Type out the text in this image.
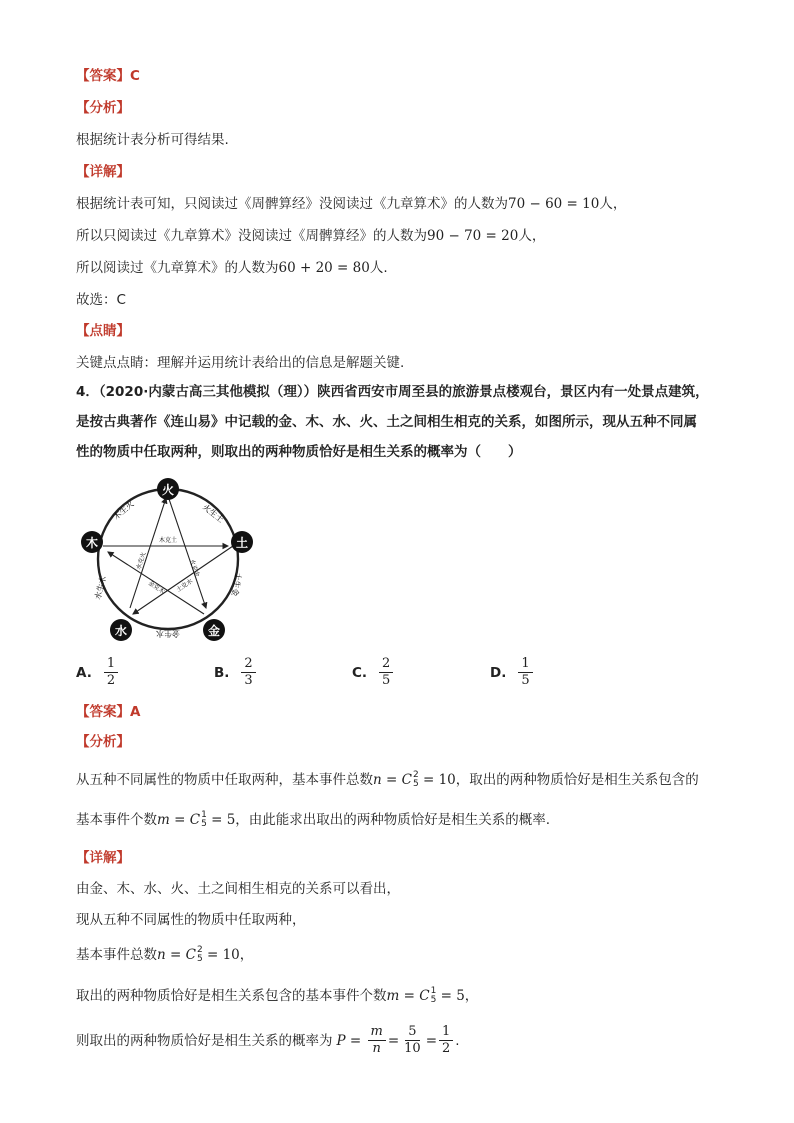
【答案】C
【分析】
根据统计表分析可得结果.
【详解】
根据统计表可知，只阅读过《周髀算经》没阅读过《九章算术》的人数为70 − 60 = 10人，
所以只阅读过《九章算术》没阅读过《周髀算经》的人数为90 − 70 = 20人，
所以阅读过《九章算术》的人数为60 + 20 = 80人.
故选：C
【点睛】
关键点点睛：理解并运用统计表给出的信息是解题关键.
4．（2020·内蒙古高三其他模拟（理））陕西省西安市周至县的旅游景点楼观台，景区内有一处景点建筑，
是按古典著作《连山易》中记载的金、木、水、火、土之间相生相克的关系，如图所示，现从五种不同属
性的物质中任取两种，则取出的两种物质恰好是相生关系的概率为（　　）
火
土
金
水
木
火生土
土生金
金生水
水生木
木生火
木克土
火克金
土克水
金克木
水克火
A. $\frac{1}{2}$	B. $\frac{2}{3}$	C. $\frac{2}{5}$	D. $\frac{1}{5}$
【答案】A
【分析】
从五种不同属性的物质中任取两种，基本事件总数n = C 2
5 = 10，取出的两种物质恰好是相生关系包含的
基本事件个数m = C 1
5 = 5，由此能求出取出的两种物质恰好是相生关系的概率.
【详解】
由金、木、水、火、土之间相生相克的关系可以看出，
现从五种不同属性的物质中任取两种，
基本事件总数n = C 2
5 = 10，
取出的两种物质恰好是相生关系包含的基本事件个数m = C 1
5 = 5，
则取出的两种物质恰好是相生关系的概率为 $P = \frac{m}{n} = \frac{5}{10} = \frac{1}{2}$ .
